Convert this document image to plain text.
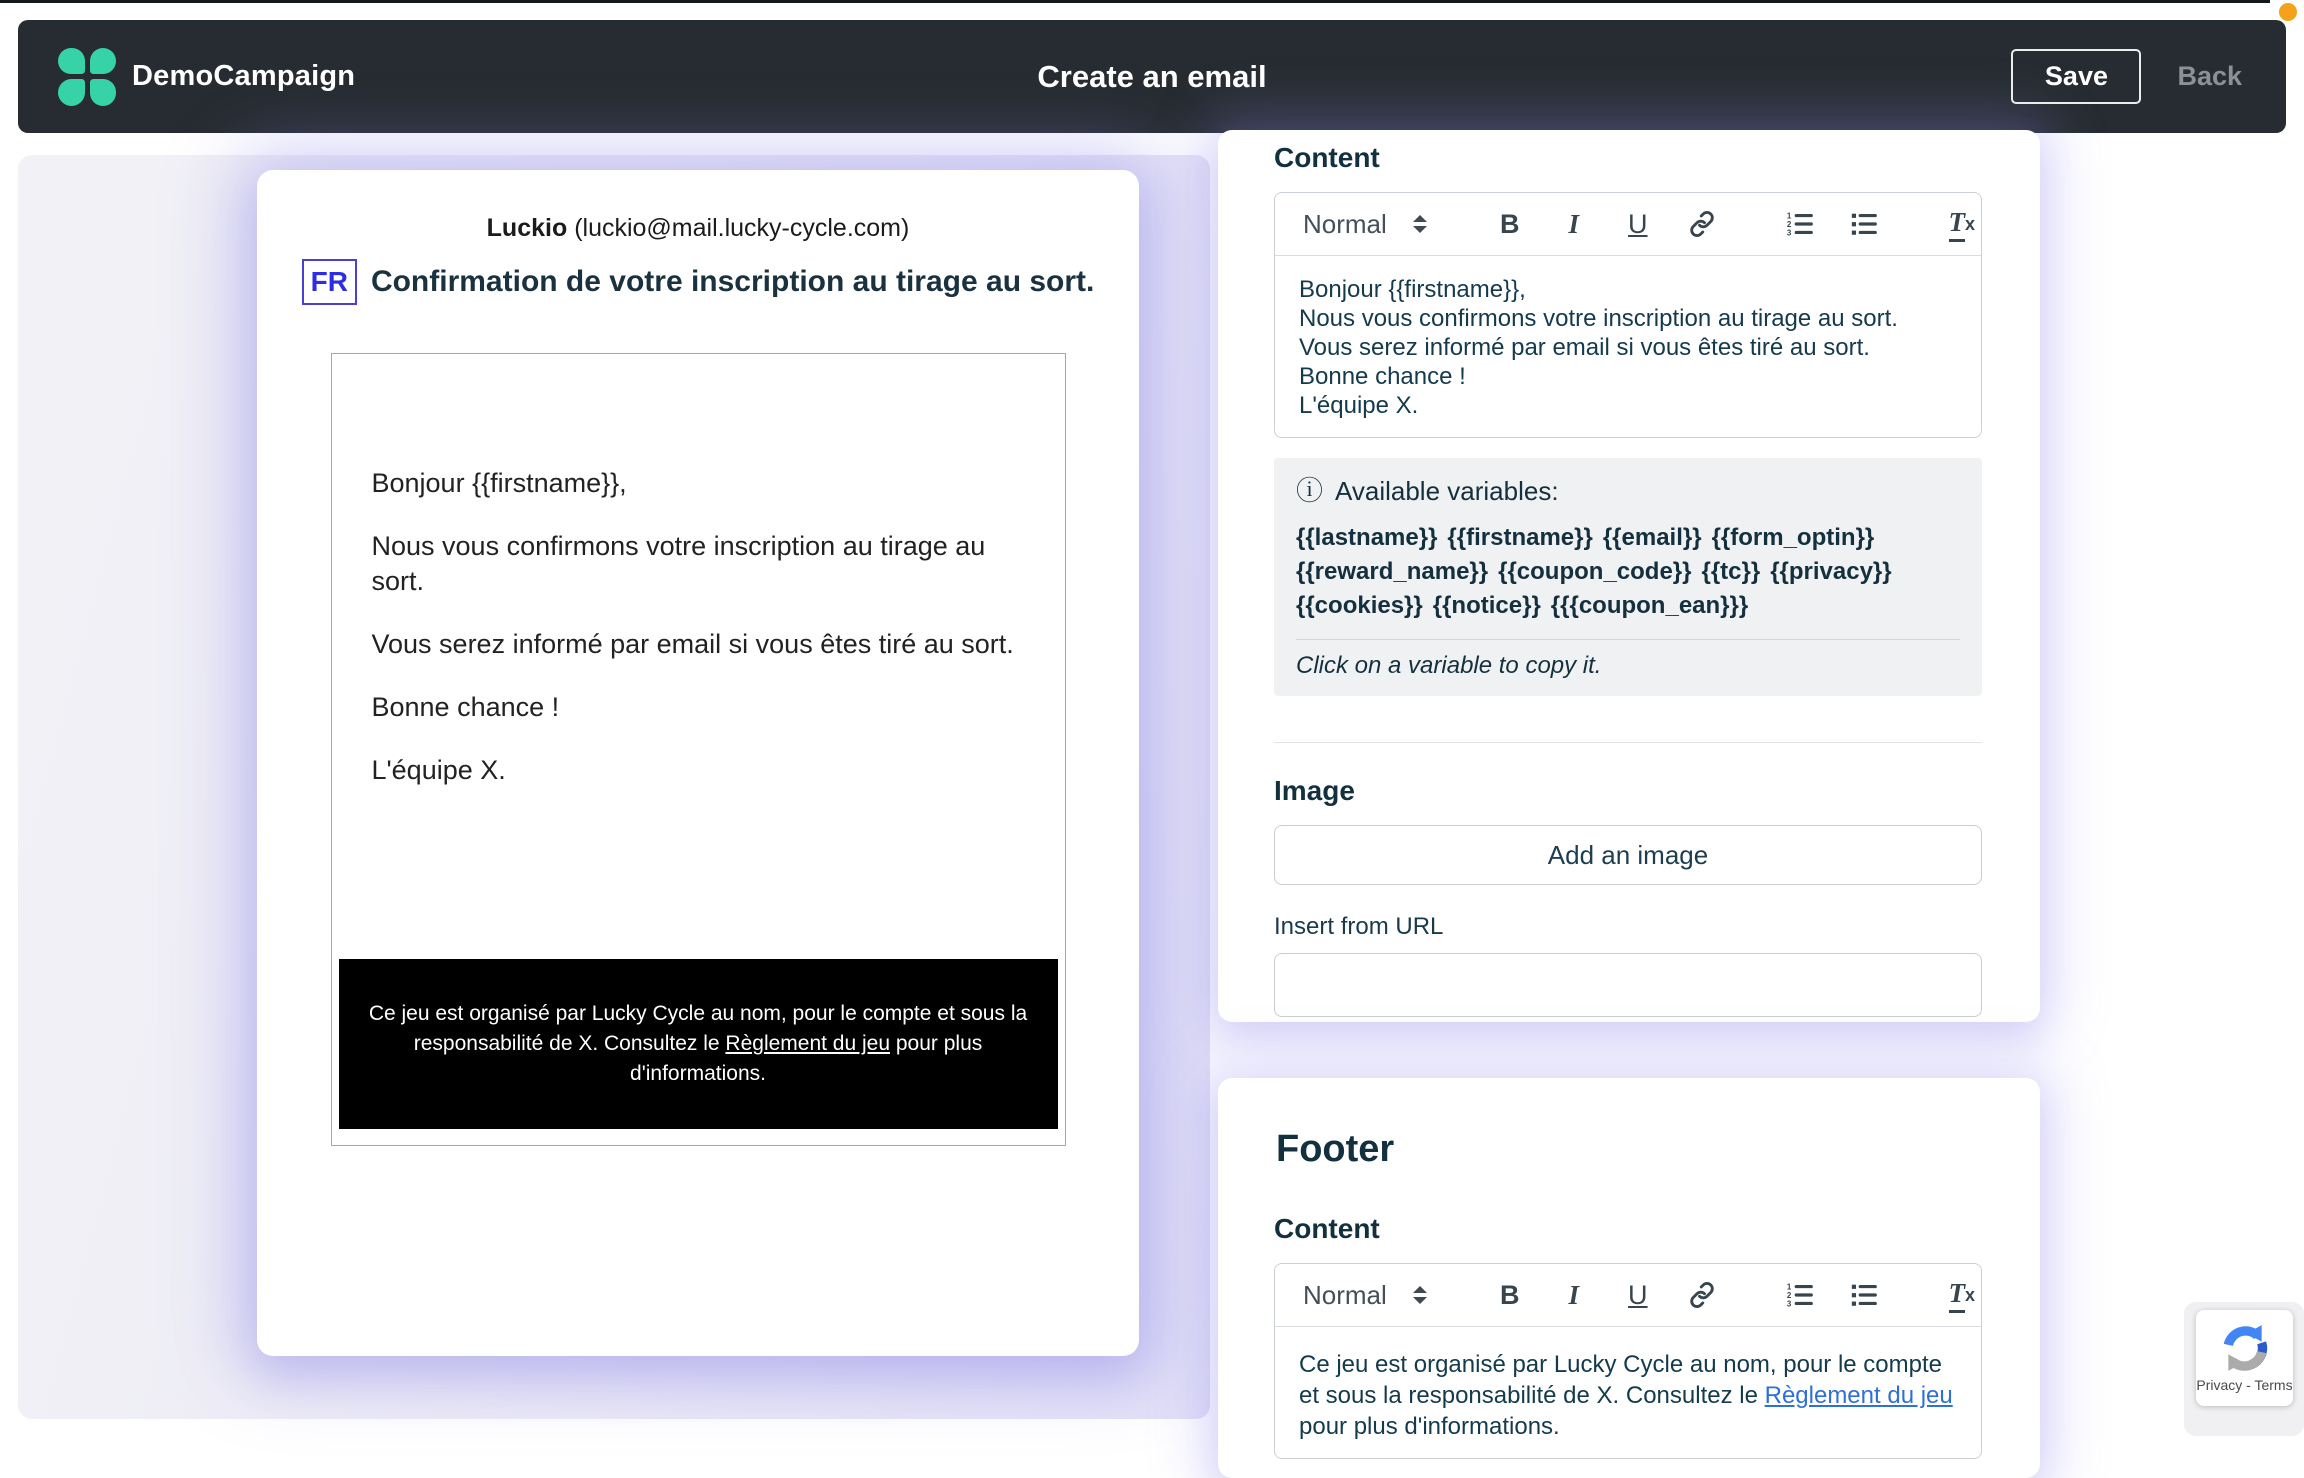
Create an email
DemoCampaign	Save	Back
Luckio (luckio@mail.lucky-cycle.com)
FR Confirmation de votre inscription au tirage au sort.

Bonjour {{firstname}},

Nous vous confirmons votre inscription au tirage au sort.

Vous serez informé par email si vous êtes tiré au sort.

Bonne chance !

L'équipe X.

Ce jeu est organisé par Lucky Cycle au nom, pour le compte et sous la responsabilité de X. Consultez le Règlement du jeu pour plus d'informations.
Content
Normal	B	I	U	1
2
3	T x
Bonjour {{firstname}},
Nous vous confirmons votre inscription au tirage au sort.
Vous serez informé par email si vous êtes tiré au sort.
Bonne chance !
L'équipe X.
ⓘ Available variables:
{{lastname}} {{firstname}} {{email}} {{form_optin}}{{reward_name}} {{coupon_code}} {{tc}} {{privacy}}{{cookies}} {{notice}} {{{coupon_ean}}}
Click on a variable to copy it.
Image
Add an image
Insert from URL
Footer
Content
Normal	B	I	U	1
2
3	T x
Ce jeu est organisé par Lucky Cycle au nom, pour le compte et sous la responsabilité de X. Consultez le Règlement du jeu pour plus d'informations.
Privacy - Terms
